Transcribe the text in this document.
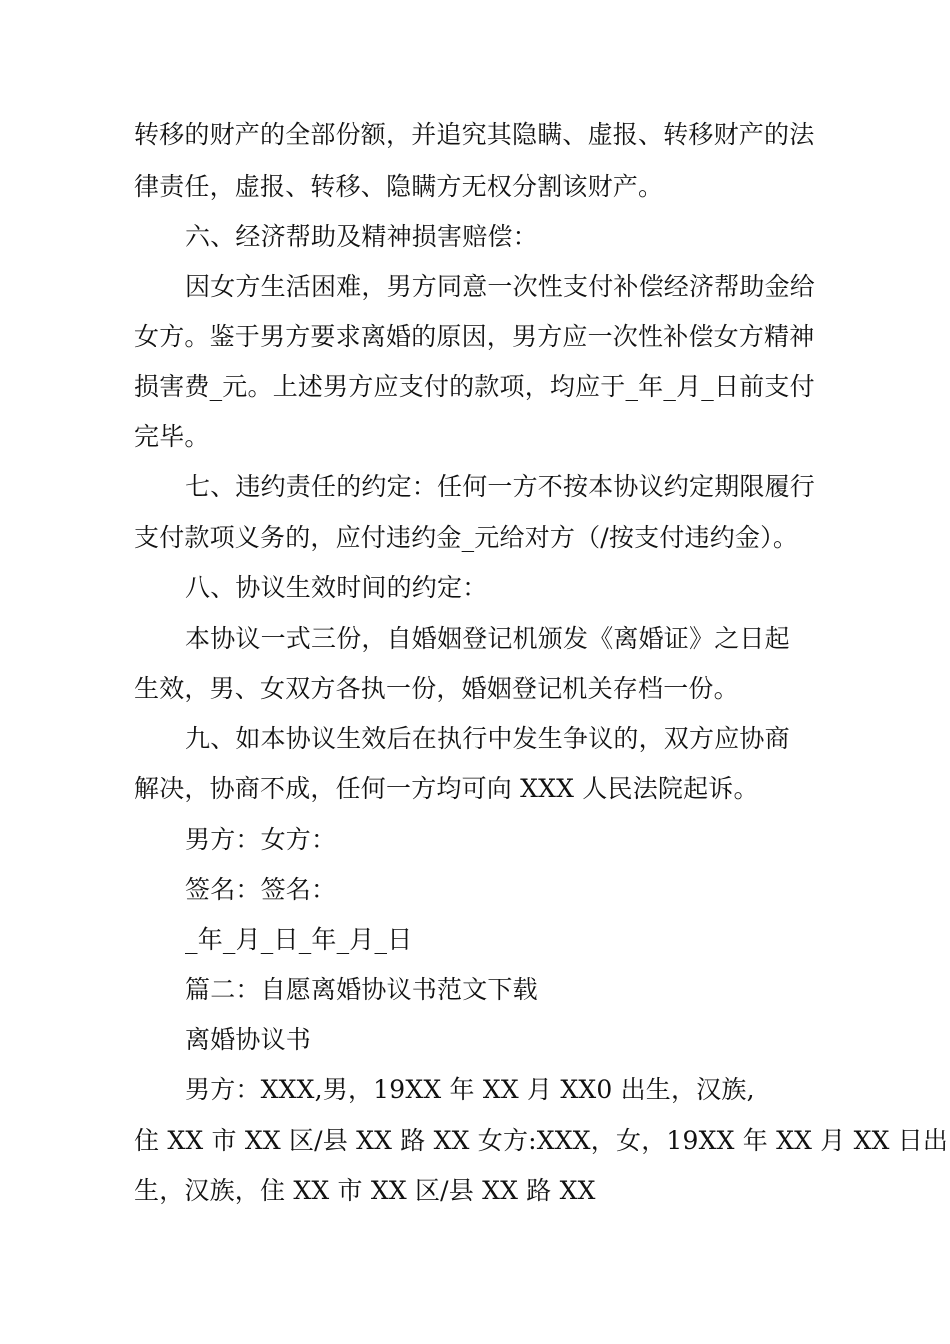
转移的财产的全部份额，并追究其隐瞒、虚报、转移财产的法
律责任，虚报、转移、隐瞒方无权分割该财产。
六、经济帮助及精神损害赔偿：
因女方生活困难，男方同意一次性支付补偿经济帮助金给
女方。鉴于男方要求离婚的原因，男方应一次性补偿女方精神
损害费_元。上述男方应支付的款项，均应于_年_月_日前支付
完毕。
七、违约责任的约定：任何一方不按本协议约定期限履行
支付款项义务的，应付违约金_元给对方（/按支付违约金）。
八、协议生效时间的约定：
本协议一式三份，自婚姻登记机颁发《离婚证》之日起
生效，男、女双方各执一份，婚姻登记机关存档一份。
九、如本协议生效后在执行中发生争议的，双方应协商
解决，协商不成，任何一方均可向 XXX 人民法院起诉。
男方：女方：
签名：签名：
_年_月_日_年_月_日
篇二：自愿离婚协议书范文下载
离婚协议书
男方：XXX,男，19XX 年 XX 月 XX0 出生，汉族,
住 XX 市 XX 区/县 XX 路 XX 女方:XXX，女，19XX 年 XX 月 XX 日出
生，汉族，住 XX 市 XX 区/县 XX 路 XX
